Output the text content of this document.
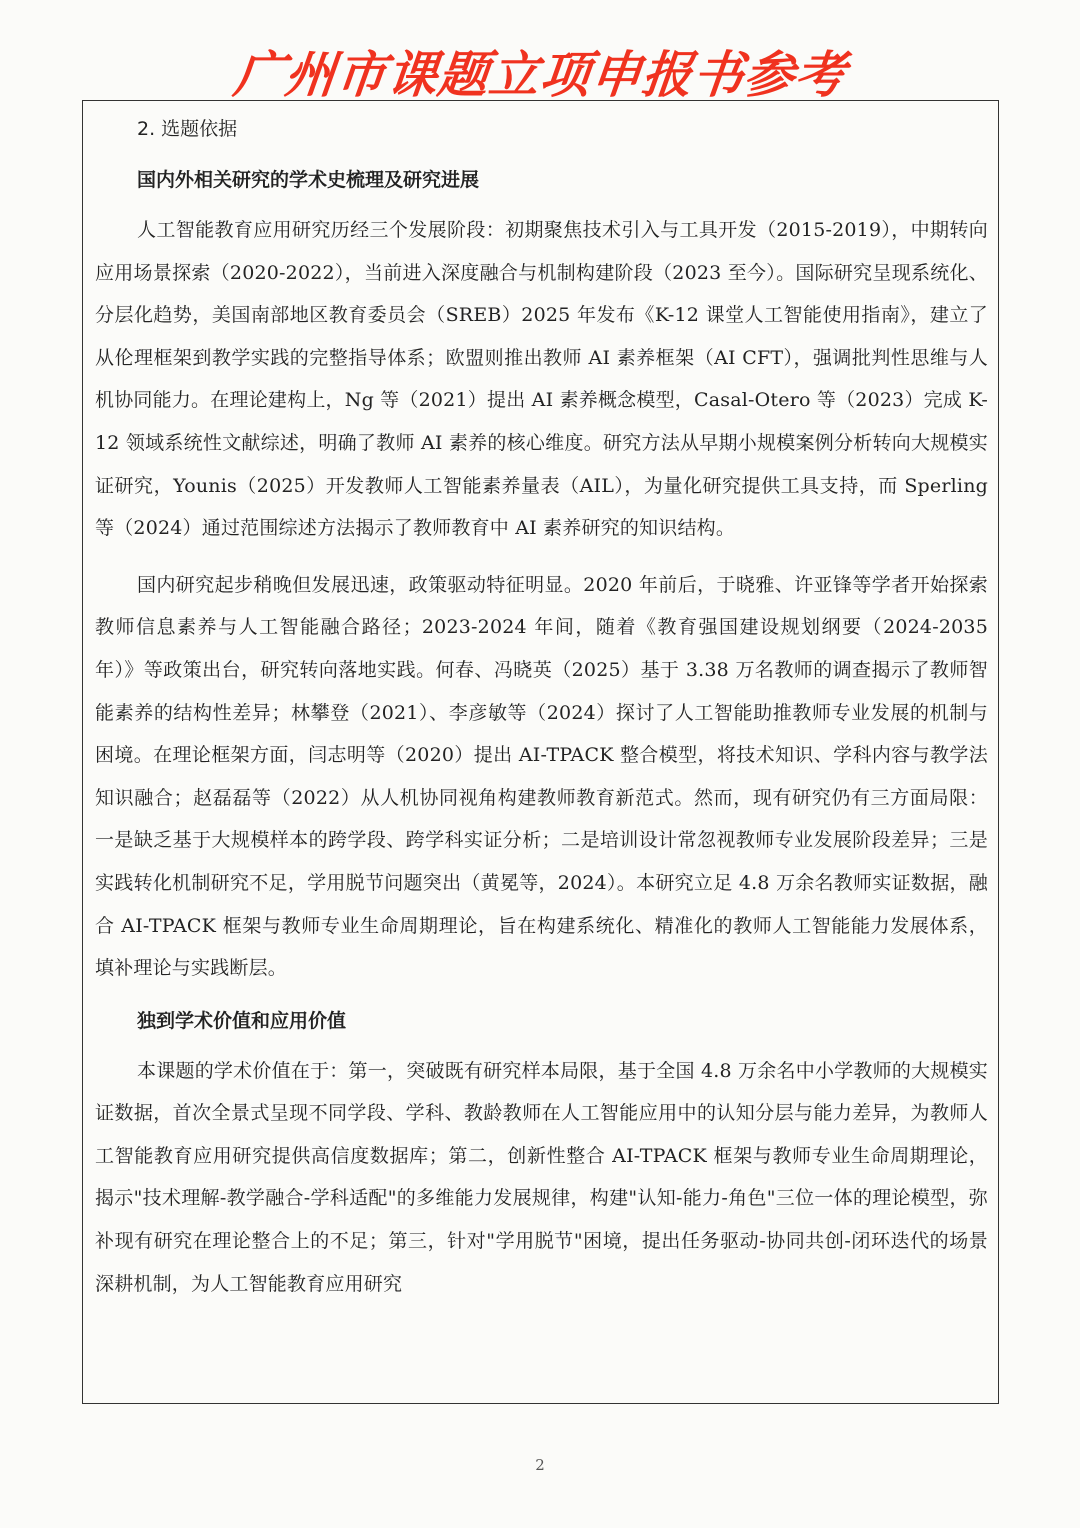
广州市课题立项申报书参考
2. 选题依据
国内外相关研究的学术史梳理及研究进展

人工智能教育应用研究历经三个发展阶段：初期聚焦技术引入与工具开发（2015-2019），中期转向应用场景探索（2020-2022），当前进入深度融合与机制构建阶段（2023 至今）。国际研究呈现系统化、分层化趋势，美国南部地区教育委员会（SREB）2025 年发布《K-12 课堂人工智能使用指南》，建立了从伦理框架到教学实践的完整指导体系；欧盟则推出教师 AI 素养框架（AI CFT），强调批判性思维与人机协同能力。在理论建构上，Ng 等（2021）提出 AI 素养概念模型，Casal-Otero 等（2023）完成 K-12 领域系统性文献综述，明确了教师 AI 素养的核心维度。研究方法从早期小规模案例分析转向大规模实证研究，Younis（2025）开发教师人工智能素养量表（AIL），为量化研究提供工具支持，而 Sperling 等（2024）通过范围综述方法揭示了教师教育中 AI 素养研究的知识结构。

国内研究起步稍晚但发展迅速，政策驱动特征明显。2020 年前后，于晓雅、许亚锋等学者开始探索教师信息素养与人工智能融合路径；2023-2024 年间，随着《教育强国建设规划纲要（2024-2035 年）》等政策出台，研究转向落地实践。何春、冯晓英（2025）基于 3.38 万名教师的调查揭示了教师智能素养的结构性差异；林攀登（2021）、李彦敏等（2024）探讨了人工智能助推教师专业发展的机制与困境。在理论框架方面，闫志明等（2020）提出 AI-TPACK 整合模型，将技术知识、学科内容与教学法知识融合；赵磊磊等（2022）从人机协同视角构建教师教育新范式。然而，现有研究仍有三方面局限：一是缺乏基于大规模样本的跨学段、跨学科实证分析；二是培训设计常忽视教师专业发展阶段差异；三是实践转化机制研究不足，学用脱节问题突出（黄冕等，2024）。本研究立足 4.8 万余名教师实证数据，融合 AI-TPACK 框架与教师专业生命周期理论，旨在构建系统化、精准化的教师人工智能能力发展体系，填补理论与实践断层。

独到学术价值和应用价值

本课题的学术价值在于：第一，突破既有研究样本局限，基于全国 4.8 万余名中小学教师的大规模实证数据，首次全景式呈现不同学段、学科、教龄教师在人工智能应用中的认知分层与能力差异，为教师人工智能教育应用研究提供高信度数据库；第二，创新性整合 AI-TPACK 框架与教师专业生命周期理论，揭示"技术理解-教学融合-学科适配"的多维能力发展规律，构建"认知-能力-角色"三位一体的理论模型，弥补现有研究在理论整合上的不足；第三，针对"学用脱节"困境，提出任务驱动-协同共创-闭环迭代的场景深耕机制，为人工智能教育应用研究

2
